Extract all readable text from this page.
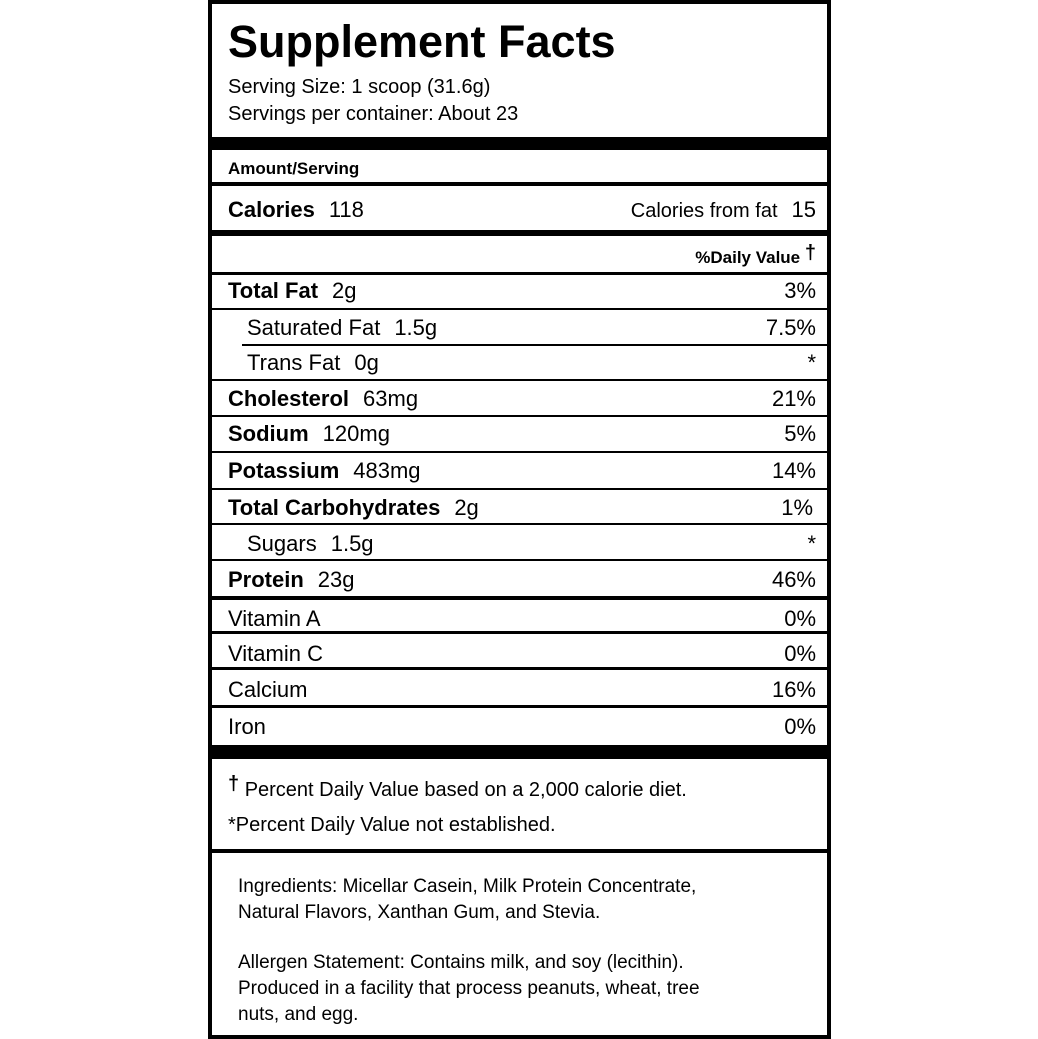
Supplement Facts
Serving Size: 1 scoop (31.6g)
Servings per container: About 23
Amount/Serving
Calories 118	Calories from fat 15
%Daily Value †
Total Fat 2g	3%
Saturated Fat 1.5g	7.5%
Trans Fat 0g	*
Cholesterol 63mg	21%
Sodium 120mg	5%
Potassium 483mg	14%
Total Carbohydrates 2g	1%
Sugars 1.5g	*
Protein 23g	46%
Vitamin A	0%
Vitamin C	0%
Calcium	16%
Iron	0%
† Percent Daily Value based on a 2,000 calorie diet.
*Percent Daily Value not established.
Ingredients: Micellar Casein, Milk Protein Concentrate,
Natural Flavors, Xanthan Gum, and Stevia.
Allergen Statement: Contains milk, and soy (lecithin).
Produced in a facility that process peanuts, wheat, tree
nuts, and egg.
